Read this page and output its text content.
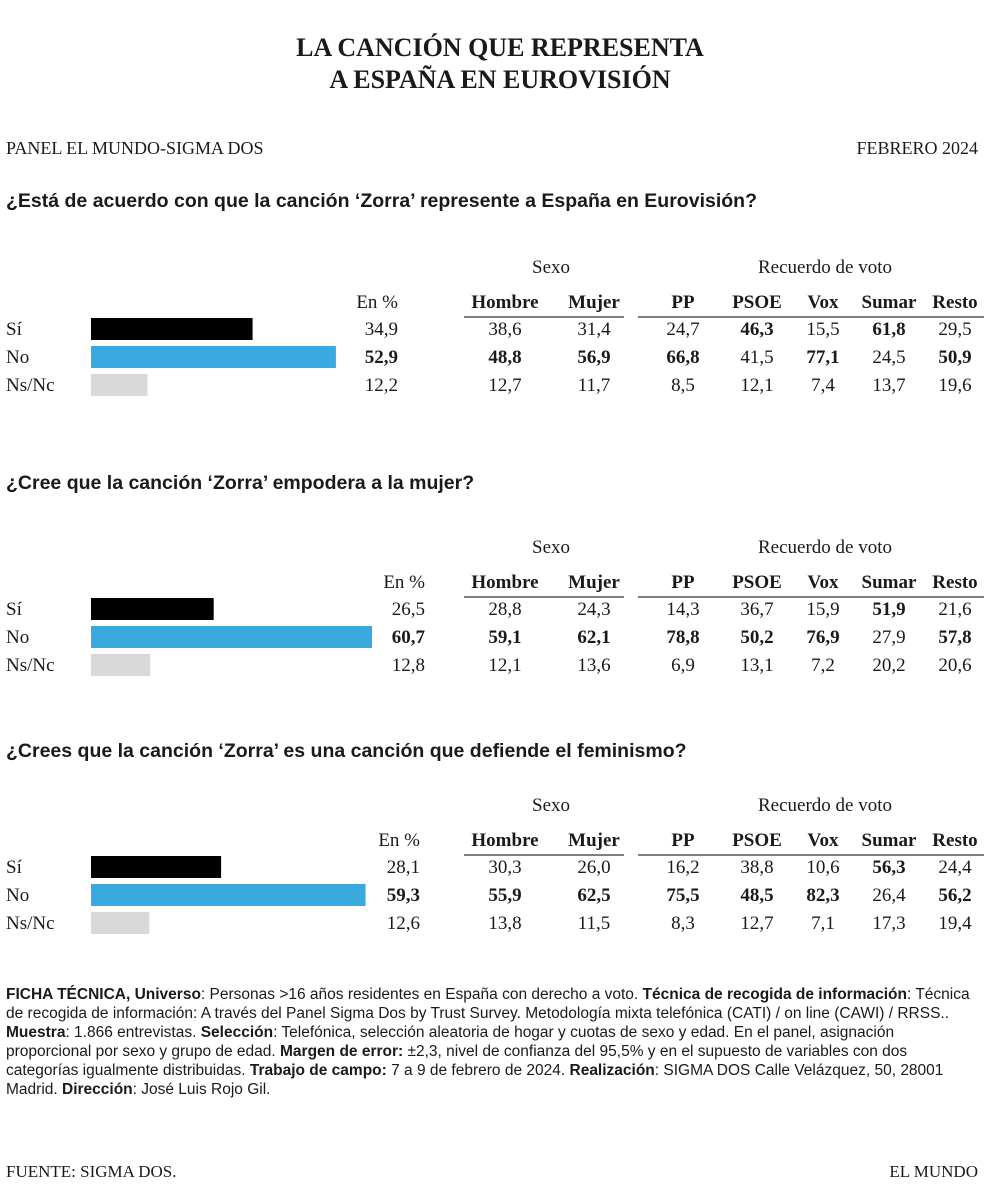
LA CANCIÓN QUE REPRESENTA
A ESPAÑA EN EUROVISIÓN
PANEL EL MUNDO-SIGMA DOS	FEBRERO 2024
¿Está de acuerdo con que la canción ‘Zorra’ represente a España en Eurovisión?
Sexo	Recuerdo de voto
En %	Hombre Mujer	PP PSOE Vox Sumar Resto
Sí	34,9	38,6	31,4	24,7 46,3 15,5 61,8 29,5
No	52,9	48,8	56,9	66,8 41,5 77,1 24,5 50,9
Ns/Nc	12,2	12,7	11,7	8,5 12,1 7,4 13,7 19,6
¿Cree que la canción ‘Zorra’ empodera a la mujer?
Sexo	Recuerdo de voto
En % Hombre Mujer	PP PSOE Vox Sumar Resto
Sí	26,5	28,8	24,3	14,3 36,7 15,9 51,9 21,6
No	60,7	59,1	62,1	78,8 50,2 76,9 27,9 57,8
Ns/Nc	12,8	12,1	13,6	6,9 13,1 7,2 20,2 20,6
¿Crees que la canción ‘Zorra’ es una canción que defiende el feminismo?
Sexo	Recuerdo de voto
En %	Hombre Mujer	PP PSOE Vox Sumar Resto
Sí	28,1	30,3	26,0	16,2 38,8 10,6 56,3 24,4
No	59,3	55,9	62,5	75,5 48,5 82,3 26,4 56,2
Ns/Nc	12,6	13,8	11,5	8,3 12,7 7,1 17,3 19,4
FICHA TÉCNICA, Universo: Personas >16 años residentes en España con derecho a voto. Técnica de recogida de información: Técnica de recogida de información: A través del Panel Sigma Dos by Trust Survey. Metodología mixta telefónica (CATI) / on line (CAWI) / RRSS.. Muestra: 1.866 entrevistas. Selección: Telefónica, selección aleatoria de hogar y cuotas de sexo y edad. En el panel, asignación proporcional por sexo y grupo de edad. Margen de error: ±2,3, nivel de confianza del 95,5% y en el supuesto de variables con dos categorías igualmente distribuidas. Trabajo de campo: 7 a 9 de febrero de 2024. Realización: SIGMA DOS Calle Velázquez, 50, 28001 Madrid. Dirección: José Luis Rojo Gil.
FUENTE: SIGMA DOS.	EL MUNDO
